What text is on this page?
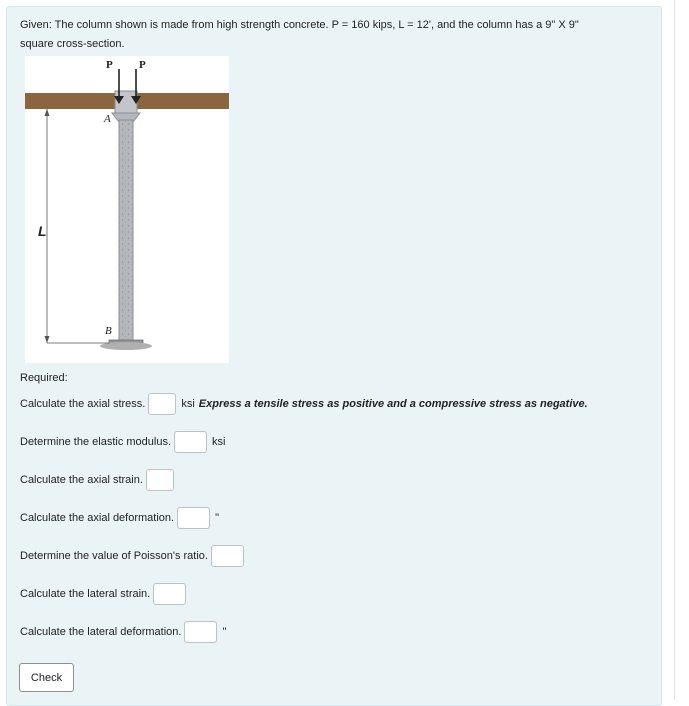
Given: The column shown is made from high strength concrete. P = 160 kips, L = 12', and the column has a 9" X 9"
square cross-section.
P P
A
B
L
Required:
Calculate the axial stress.	ksi Express a tensile stress as positive and a compressive stress as negative.
Determine the elastic modulus.	ksi
Calculate the axial strain.
Calculate the axial deformation.	"
Determine the value of Poisson's ratio.
Calculate the lateral strain.
Calculate the lateral deformation.	"
Check
